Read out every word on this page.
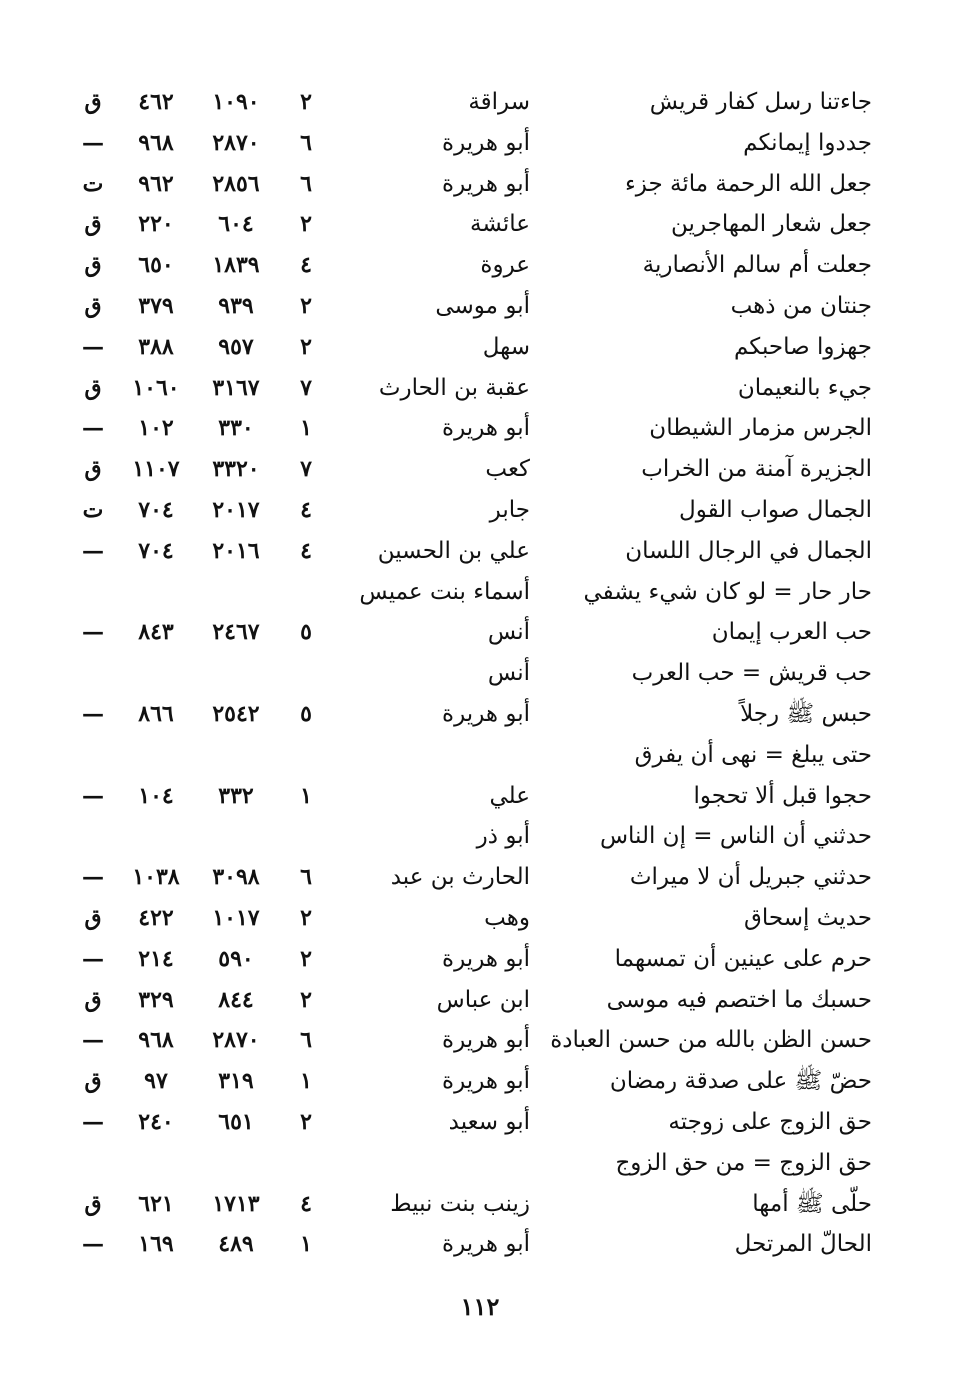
جاءتنا رسل كفار قريش
سراقة
٢
١٠٩٠
٤٦٢
ق
جددوا إيمانكم
أبو هريرة
٦
٢٨٧٠
٩٦٨
—
جعل الله الرحمة مائة جزء
أبو هريرة
٦
٢٨٥٦
٩٦٢
ت
جعل شعار المهاجرين
عائشة
٢
٦٠٤
٢٢٠
ق
جعلت أم سالم الأنصارية
عروة
٤
١٨٣٩
٦٥٠
ق
جنتان من ذهب
أبو موسى
٢
٩٣٩
٣٧٩
ق
جهزوا صاحبكم
سهل
٢
٩٥٧
٣٨٨
—
جيء بالنعيمان
عقبة بن الحارث
٧
٣١٦٧
١٠٦٠
ق
الجرس مزمار الشيطان
أبو هريرة
١
٣٣٠
١٠٢
—
الجزيرة آمنة من الخراب
كعب
٧
٣٣٢٠
١١٠٧
ق
الجمال صواب القول
جابر
٤
٢٠١٧
٧٠٤
ت
الجمال في الرجال اللسان
علي بن الحسين
٤
٢٠١٦
٧٠٤
—
حار حار = لو كان شيء يشفي
أسماء بنت عميس
حب العرب إيمان
أنس
٥
٢٤٦٧
٨٤٣
—
حب قريش = حب العرب
أنس
حبس ﷺ رجلاً
أبو هريرة
٥
٢٥٤٢
٨٦٦
—
حتى يبلغ = نهى أن يفرق
حجوا قبل ألا تحجوا
علي
١
٣٣٢
١٠٤
—
حدثني أن الناس = إن الناس
أبو ذر
حدثني جبريل أن لا ميراث
الحارث بن عبد
٦
٣٠٩٨
١٠٣٨
—
حديث إسحاق
وهب
٢
١٠١٧
٤٢٢
ق
حرم على عينين أن تمسهما
أبو هريرة
٢
٥٩٠
٢١٤
—
حسبك ما اختصم فيه موسى
ابن عباس
٢
٨٤٤
٣٢٩
ق
حسن الظن بالله من حسن العبادة
أبو هريرة
٦
٢٨٧٠
٩٦٨
—
حضّ ﷺ على صدقة رمضان
أبو هريرة
١
٣١٩
٩٧
ق
حق الزوج على زوجته
أبو سعيد
٢
٦٥١
٢٤٠
—
حق الزوج = من حق الزوج
حلّى ﷺ أمها
زينب بنت نبيط
٤
١٧١٣
٦٢١
ق
الحالّ المرتحل
أبو هريرة
١
٤٨٩
١٦٩
—
١١٢
